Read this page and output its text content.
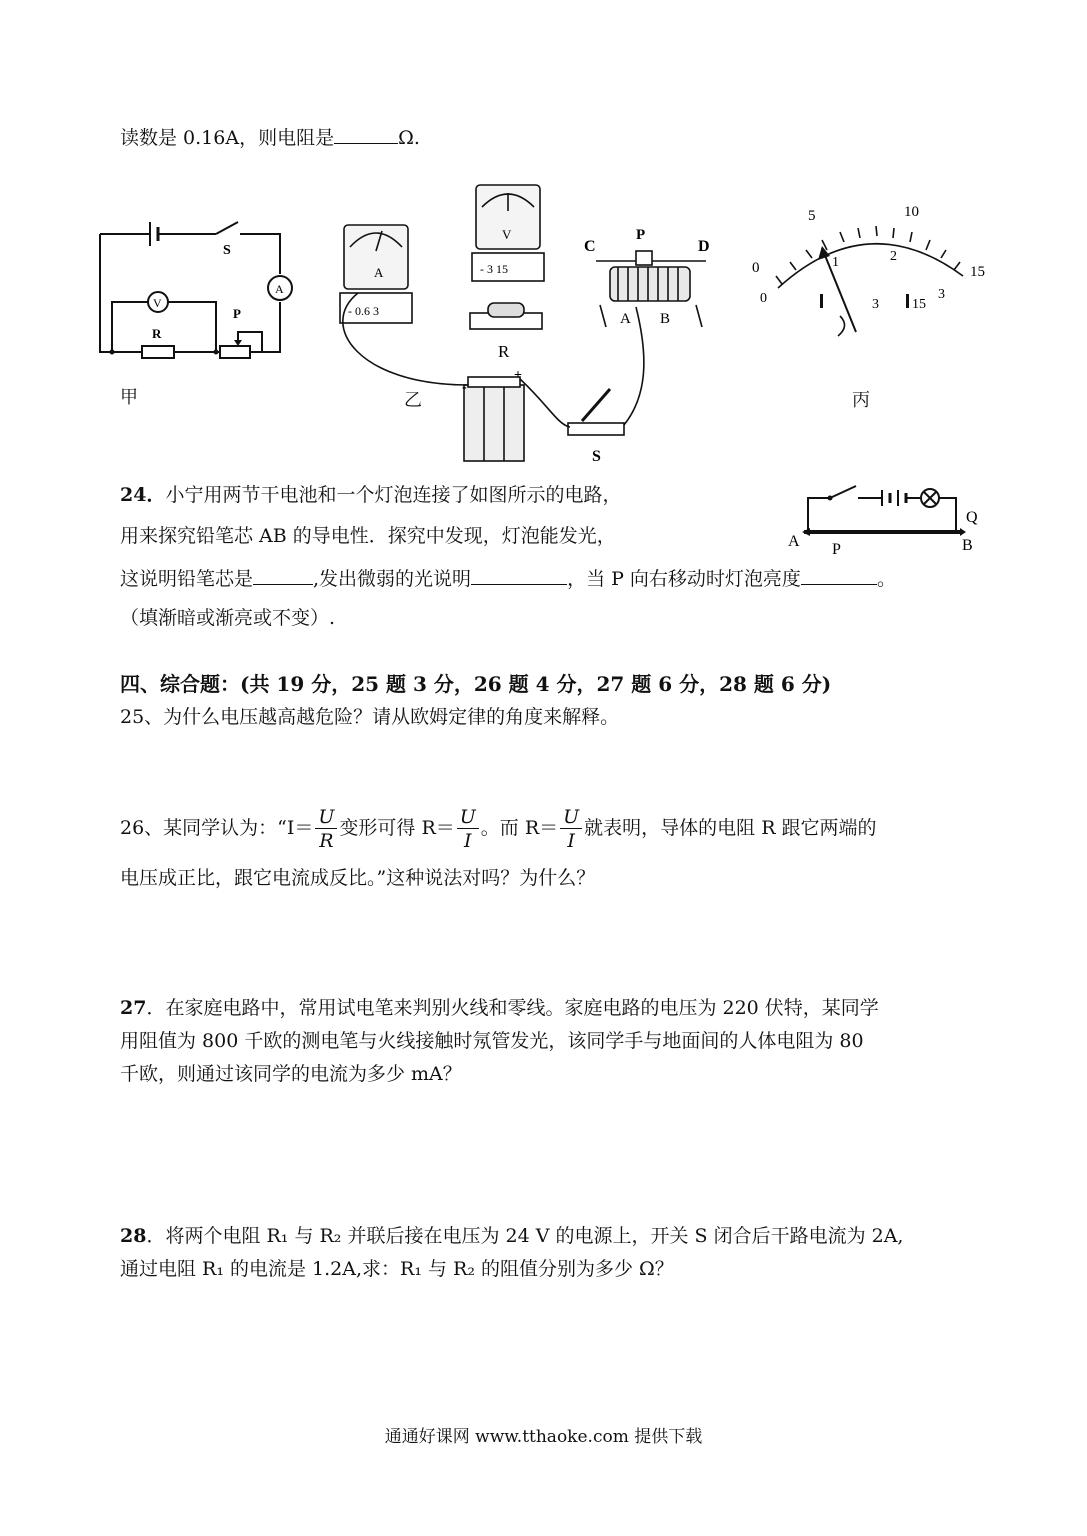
读数是 0.16A，则电阻是	Ω.
S
A
V
R
P
甲
A
- 0.6 3
V
- 3 15
R
C
P
D
A B
+
-
S
乙
0
5	10
15
0
1	2
3
3 15
丙
24．小宁用两节干电池和一个灯泡连接了如图所示的电路，
用来探究铅笔芯 AB 的导电性．探究中发现，灯泡能发光，
这说明铅笔芯是	,发出微弱的光说明	，当 P 向右移动时灯泡亮度	。
（填渐暗或渐亮或不变）.
A P	B
Q
四、综合题：(共 19 分，25 题 3 分，26 题 4 分，27 题 6 分，28 题 6 分)
25、为什么电压越高越危险？请从欧姆定律的角度来解释。
26、某同学认为：“$I= \frac{U}{R}$ 变形可得 $R= \frac{U}{I}$ 。而 $R= \frac{U}{I}$ 就表明，导体的电阻 R 跟它两端的
电压成正比，跟它电流成反比。”这种说法对吗？为什么？
27．在家庭电路中，常用试电笔来判别火线和零线。家庭电路的电压为 220 伏特，某同学
用阻值为 800 千欧的测电笔与火线接触时氖管发光，该同学手与地面间的人体电阻为 80
千欧，则通过该同学的电流为多少 mA？
28．将两个电阻 R₁ 与 R₂ 并联后接在电压为 24 V 的电源上，开关 S 闭合后干路电流为 2A,
通过电阻 R₁ 的电流是 1.2A,求：R₁ 与 R₂ 的阻值分别为多少 Ω？
通通好课网 www.tthaoke.com 提供下载
